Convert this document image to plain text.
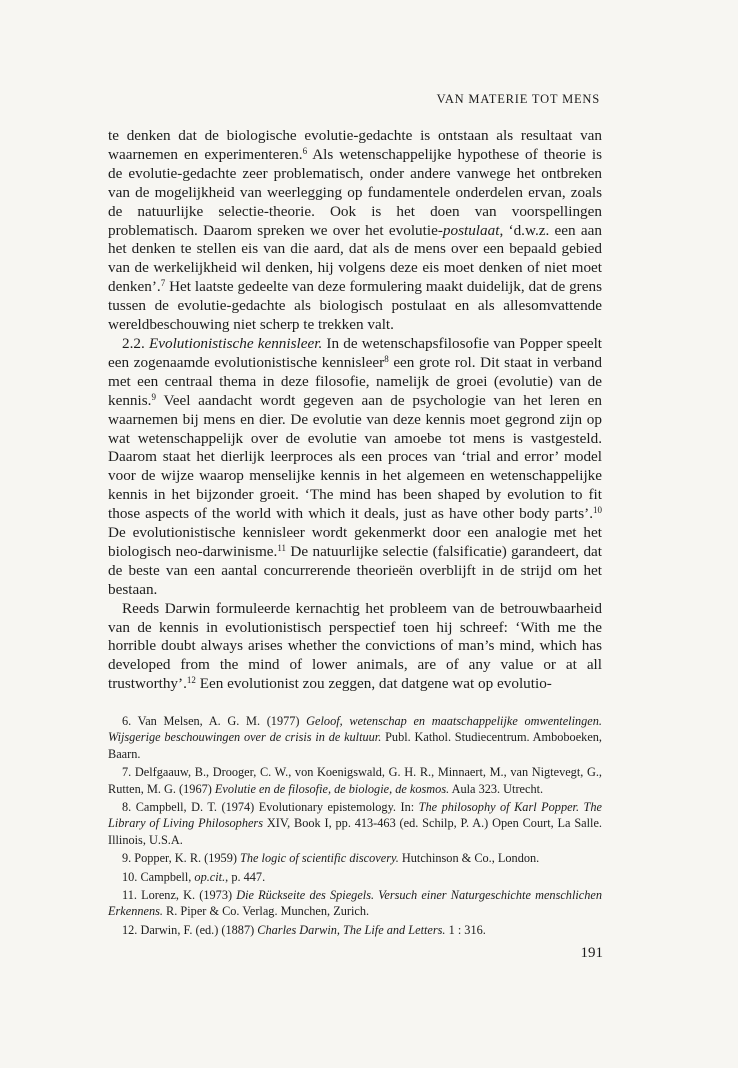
VAN MATERIE TOT MENS

te denken dat de biologische evolutie-gedachte is ontstaan als resultaat van waarnemen en experimenteren.$^6$ Als wetenschappelijke hypothese of theorie is de evolutie-gedachte zeer problematisch, onder andere vanwege het ontbreken van de mogelijkheid van weerlegging op fundamentele onderdelen ervan, zoals de natuurlijke selectie-theorie. Ook is het doen van voorspellingen problematisch. Daarom spreken we over het evolutie-postulaat, ‘d.w.z. een aan het denken te stellen eis van die aard, dat als de mens over een bepaald gebied van de werkelijkheid wil denken, hij volgens deze eis moet denken of niet moet denken’.$^7$ Het laatste gedeelte van deze formulering maakt duidelijk, dat de grens tussen de evolutie-gedachte als biologisch postulaat en als allesomvattende wereldbeschouwing niet scherp te trekken valt.

2.2. Evolutionistische kennisleer. In de wetenschapsfilosofie van Popper speelt een zogenaamde evolutionistische kennisleer$^8$ een grote rol. Dit staat in verband met een centraal thema in deze filosofie, namelijk de groei (evolutie) van de kennis.$^9$ Veel aandacht wordt gegeven aan de psychologie van het leren en waarnemen bij mens en dier. De evolutie van deze kennis moet gegrond zijn op wat wetenschappelijk over de evolutie van amoebe tot mens is vastgesteld. Daarom staat het dierlijk leerproces als een proces van ‘trial and error’ model voor de wijze waarop menselijke kennis in het algemeen en wetenschappelijke kennis in het bijzonder groeit. ‘The mind has been shaped by evolution to fit those aspects of the world with which it deals, just as have other body parts’.$^{10}$ De evolutionistische kennisleer wordt gekenmerkt door een analogie met het biologisch neo-darwinisme.$^{11}$ De natuurlijke selectie (falsificatie) garandeert, dat de beste van een aantal concurrerende theorieën overblijft in de strijd om het bestaan.

Reeds Darwin formuleerde kernachtig het probleem van de betrouwbaarheid van de kennis in evolutionistisch perspectief toen hij schreef: ‘With me the horrible doubt always arises whether the convictions of man’s mind, which has developed from the mind of lower animals, are of any value or at all trustworthy’.$^{12}$ Een evolutionist zou zeggen, dat datgene wat op evolutio-

6. Van Melsen, A. G. M. (1977) Geloof, wetenschap en maatschappelijke omwentelingen. Wijsgerige beschouwingen over de crisis in de kultuur. Publ. Kathol. Studiecentrum. Amboboeken, Baarn.

7. Delfgaauw, B., Drooger, C. W., von Koenigswald, G. H. R., Minnaert, M., van Nigtevegt, G., Rutten, M. G. (1967) Evolutie en de filosofie, de biologie, de kosmos. Aula 323. Utrecht.

8. Campbell, D. T. (1974) Evolutionary epistemology. In: The philosophy of Karl Popper. The Library of Living Philosophers XIV, Book I, pp. 413-463 (ed. Schilp, P. A.) Open Court, La Salle. Illinois, U.S.A.

9. Popper, K. R. (1959) The logic of scientific discovery. Hutchinson & Co., London.

10. Campbell, op.cit., p. 447.

11. Lorenz, K. (1973) Die Rückseite des Spiegels. Versuch einer Naturgeschichte menschlichen Erkennens. R. Piper & Co. Verlag. Munchen, Zurich.

12. Darwin, F. (ed.) (1887) Charles Darwin, The Life and Letters. 1 : 316.

191
